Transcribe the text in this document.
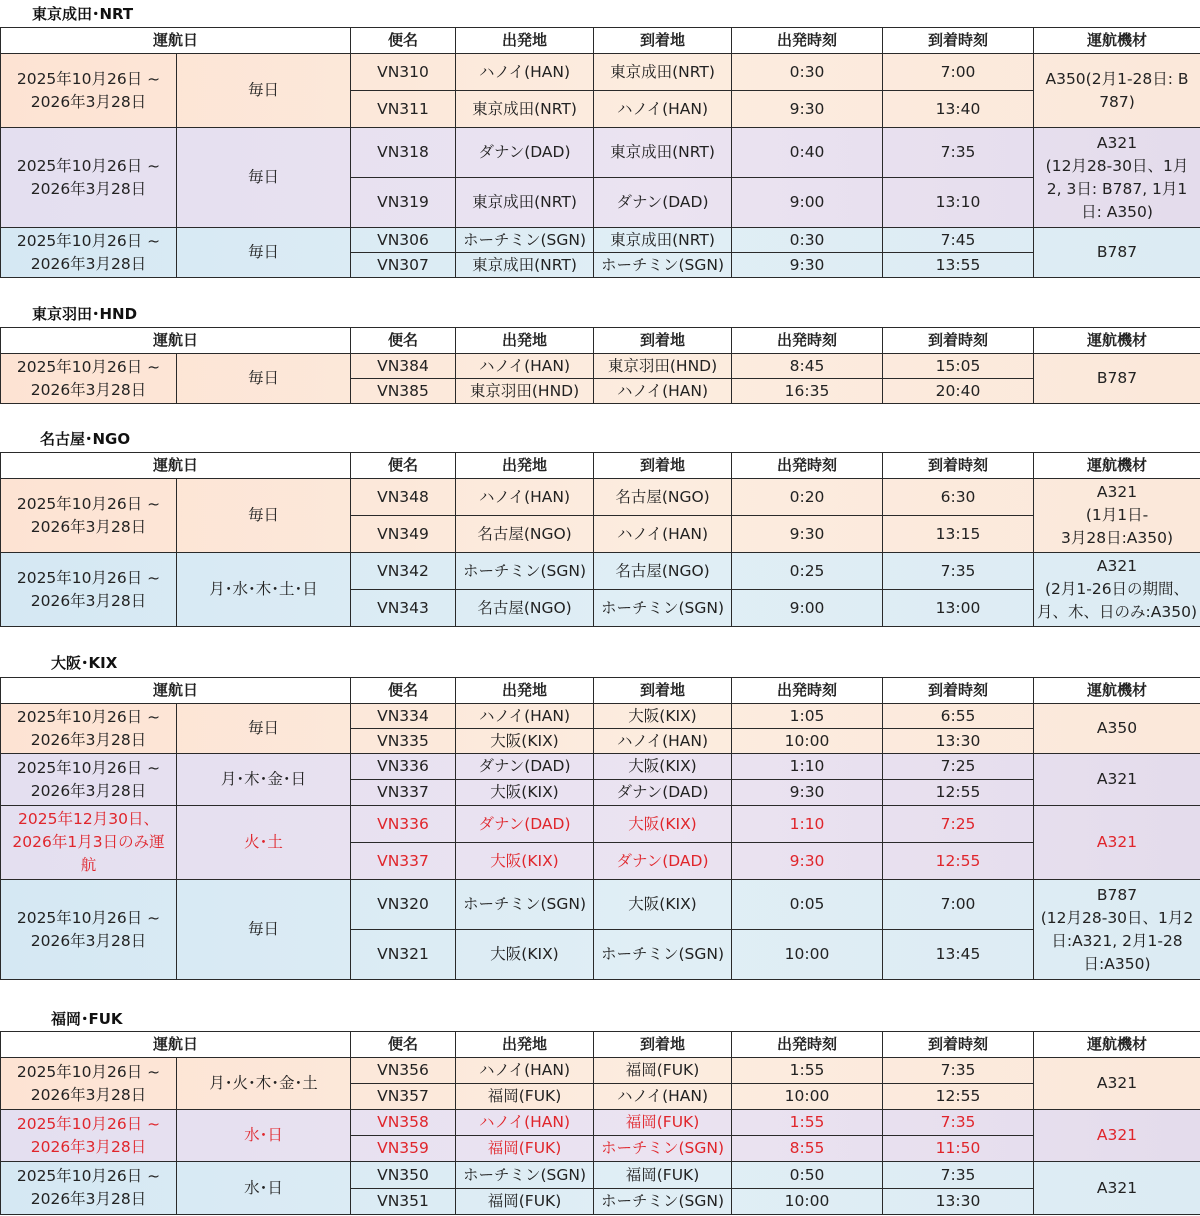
東京成田･NRT
運航日		便名	出発地	到着地	出発時刻	到着時刻	運航機材
2025年10月26日 ~
2026年3月28日	毎日	VN310	ハノイ(HAN)	東京成田(NRT)	0:30	7:00	A350(2月1-28日: B
787)
		VN311	東京成田(NRT)	ハノイ(HAN)	9:30	13:40	
2025年10月26日 ~
2026年3月28日	毎日	VN318	ダナン(DAD)	東京成田(NRT)	0:40	7:35	A321
(12月28-30日、1月
2, 3日: B787, 1月1
日: A350)
		VN319	東京成田(NRT)	ダナン(DAD)	9:00	13:10	
2025年10月26日 ~
2026年3月28日	毎日	VN306	ホーチミン(SGN)	東京成田(NRT)	0:30	7:45	B787
		VN307	東京成田(NRT)	ホーチミン(SGN)	9:30	13:55	
東京羽田･HND
運航日		便名	出発地	到着地	出発時刻	到着時刻	運航機材
2025年10月26日 ~
2026年3月28日	毎日	VN384	ハノイ(HAN)	東京羽田(HND)	8:45	15:05	B787
		VN385	東京羽田(HND)	ハノイ(HAN)	16:35	20:40	
名古屋･NGO
運航日		便名	出発地	到着地	出発時刻	到着時刻	運航機材
2025年10月26日 ~
2026年3月28日	毎日	VN348	ハノイ(HAN)	名古屋(NGO)	0:20	6:30	A321
(1月1日-
3月28日:A350)
		VN349	名古屋(NGO)	ハノイ(HAN)	9:30	13:15	
2025年10月26日 ~
2026年3月28日	月･水･木･土･日	VN342	ホーチミン(SGN)	名古屋(NGO)	0:25	7:35	A321
(2月1-26日の期間、
月、木、日のみ:A350)
		VN343	名古屋(NGO)	ホーチミン(SGN)	9:00	13:00	
大阪･KIX
運航日		便名	出発地	到着地	出発時刻	到着時刻	運航機材
2025年10月26日 ~
2026年3月28日	毎日	VN334	ハノイ(HAN)	大阪(KIX)	1:05	6:55	A350
		VN335	大阪(KIX)	ハノイ(HAN)	10:00	13:30	
2025年10月26日 ~
2026年3月28日	月･木･金･日	VN336	ダナン(DAD)	大阪(KIX)	1:10	7:25	A321
		VN337	大阪(KIX)	ダナン(DAD)	9:30	12:55	
2025年12月30日、
2026年1月3日のみ運
航	火･土	VN336	ダナン(DAD)	大阪(KIX)	1:10	7:25	A321
		VN337	大阪(KIX)	ダナン(DAD)	9:30	12:55	
2025年10月26日 ~
2026年3月28日	毎日	VN320	ホーチミン(SGN)	大阪(KIX)	0:05	7:00	B787
(12月28-30日、1月2
日:A321, 2月1-28
日:A350)
		VN321	大阪(KIX)	ホーチミン(SGN)	10:00	13:45	
福岡･FUK
運航日		便名	出発地	到着地	出発時刻	到着時刻	運航機材
2025年10月26日 ~
2026年3月28日	月･火･木･金･土	VN356	ハノイ(HAN)	福岡(FUK)	1:55	7:35	A321
		VN357	福岡(FUK)	ハノイ(HAN)	10:00	12:55	
2025年10月26日 ~
2026年3月28日	水･日	VN358	ハノイ(HAN)	福岡(FUK)	1:55	7:35	A321
		VN359	福岡(FUK)	ホーチミン(SGN)	8:55	11:50	
2025年10月26日 ~
2026年3月28日	水･日	VN350	ホーチミン(SGN)	福岡(FUK)	0:50	7:35	A321
		VN351	福岡(FUK)	ホーチミン(SGN)	10:00	13:30	
